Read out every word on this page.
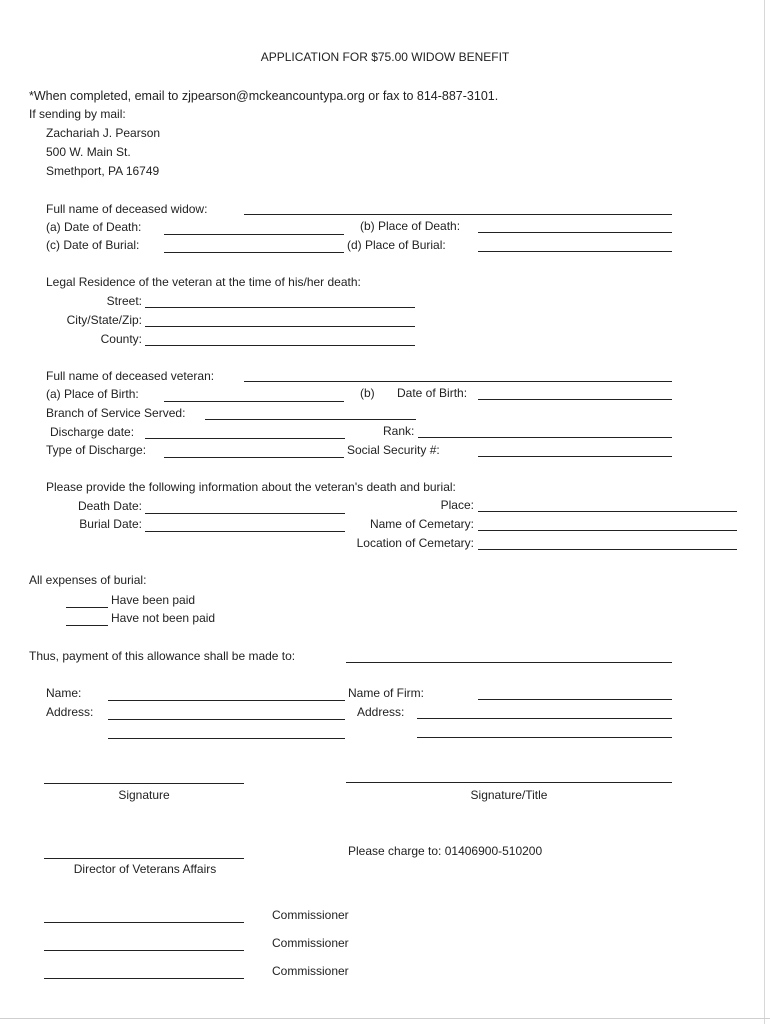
APPLICATION FOR $75.00 WIDOW BENEFIT
*When completed, email to zjpearson@mckeancountypa.org or fax to 814-887-3101.
If sending by mail:
Zachariah J. Pearson
500 W. Main St.
Smethport, PA 16749
Full name of deceased widow:
(a) Date of Death:	(b) Place of Death:
(c) Date of Burial:	(d) Place of Burial:
Legal Residence of the veteran at the time of his/her death:
Street:
City/State/Zip:
County:
Full name of deceased veteran:
(a) Place of Birth:	(b) Date of Birth:
Branch of Service Served:
Discharge date:	Rank:
Type of Discharge:	Social Security #:
Please provide the following information about the veteran's death and burial:
Death Date:	Place:
Burial Date:	Name of Cemetary:
Location of Cemetary:
All expenses of burial:
Have been paid
Have not been paid
Thus, payment of this allowance shall be made to:
Name:	Name of Firm:
Address:	Address:
Signature	Signature/Title
Please charge to: 01406900-510200
Director of Veterans Affairs
Commissioner
Commissioner
Commissioner
